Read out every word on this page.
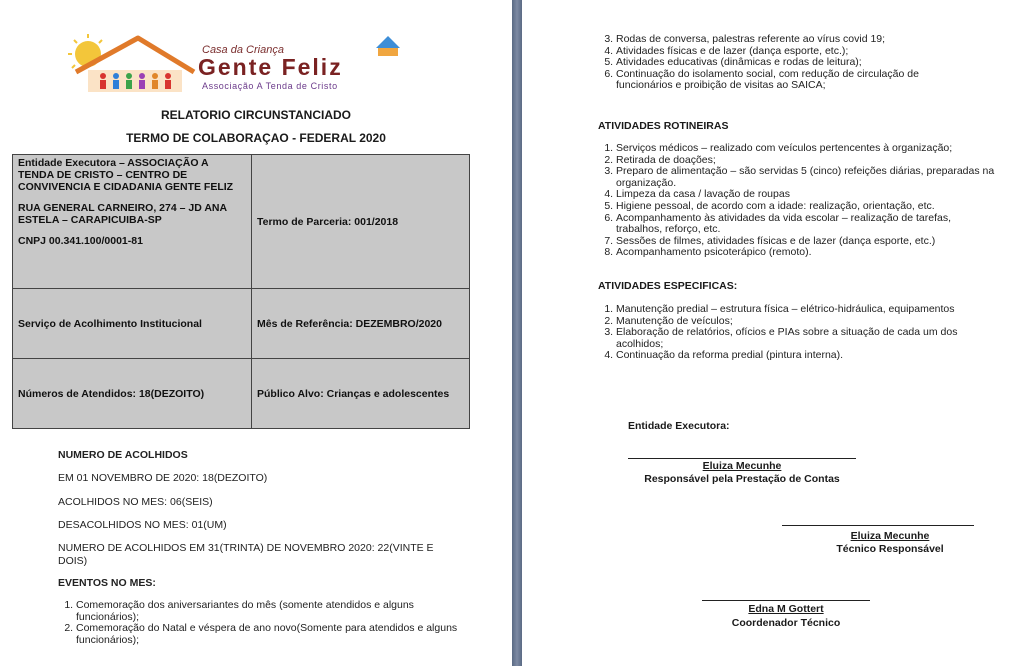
Casa da Criança
Gente Feliz
Associação A Tenda de Cristo
RELATORIO CIRCUNSTANCIADO
TERMO DE COLABORAÇAO - FEDERAL 2020

Entidade Executora – ASSOCIAÇÃO A TENDA DE CRISTO – CENTRO DE CONVIVENCIA E CIDADANIA GENTE FELIZ

RUA GENERAL CARNEIRO, 274 – JD ANA ESTELA – CARAPICUIBA-SP

CNPJ 00.341.100/0001-81	Termo de Parceria: 001/2018
Serviço de Acolhimento Institucional	Mês de Referência: DEZEMBRO/2020
Números de Atendidos: 18(DEZOITO)	Público Alvo: Crianças e adolescentes

NUMERO DE ACOLHIDOS

EM 01 NOVEMBRO DE 2020: 18(DEZOITO)

ACOLHIDOS NO MES: 06(SEIS)

DESACOLHIDOS NO MES: 01(UM)

NUMERO DE ACOLHIDOS EM 31(TRINTA) DE NOVEMBRO 2020: 22(VINTE E DOIS)

EVENTOS NO MES:

1. Comemoração dos aniversariantes do mês (somente atendidos e alguns funcionários);
2. Comemoração do Natal e véspera de ano novo(Somente para atendidos e alguns funcionários);
3. Rodas de conversa, palestras referente ao vírus covid 19;
4. Atividades físicas e de lazer (dança esporte, etc.);
5. Atividades educativas (dinâmicas e rodas de leitura);
6. Continuação do isolamento social, com redução de circulação de funcionários e proibição de visitas ao SAICA;
ATIVIDADES ROTINEIRAS
1. Serviços médicos – realizado com veículos pertencentes à organização;
2. Retirada de doações;
3. Preparo de alimentação – são servidas 5 (cinco) refeições diárias, preparadas na organização.
4. Limpeza da casa / lavação de roupas
5. Higiene pessoal, de acordo com a idade: realização, orientação, etc.
6. Acompanhamento às atividades da vida escolar – realização de tarefas, trabalhos, reforço, etc.
7. Sessões de filmes, atividades físicas e de lazer (dança esporte, etc.)
8. Acompanhamento psicoterápico (remoto).
ATIVIDADES ESPECIFICAS:
1. Manutenção predial – estrutura física – elétrico-hidráulica, equipamentos
2. Manutenção de veículos;
3. Elaboração de relatórios, ofícios e PIAs sobre a situação de cada um dos acolhidos;
4. Continuação da reforma predial (pintura interna).
Entidade Executora:
Eluiza Mecunhe
Responsável pela Prestação de Contas
Eluiza Mecunhe
Técnico Responsável
Edna M Gottert
Coordenador Técnico
